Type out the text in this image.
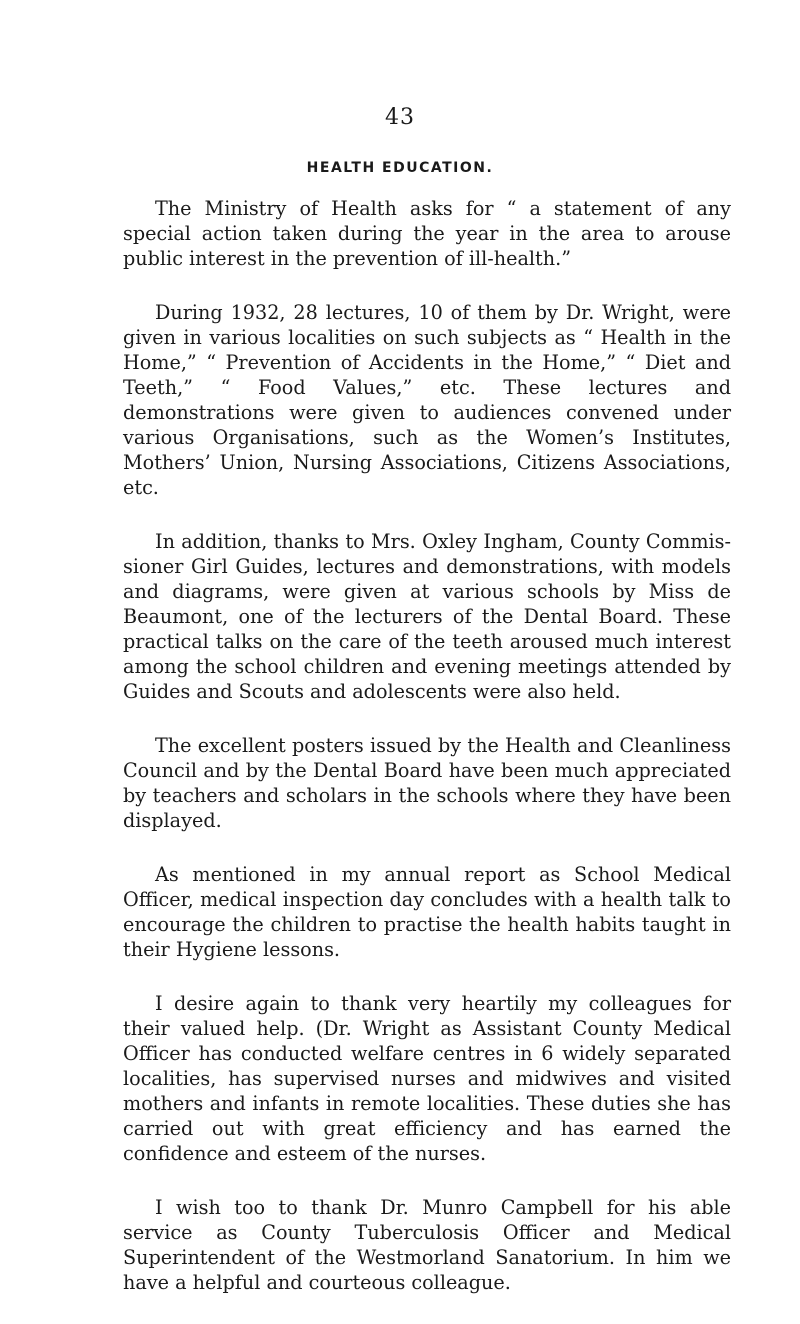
43
HEALTH EDUCATION.

The Ministry of Health asks for “ a statement of any special action taken during the year in the area to arouse public interest in the prevention of ill-health.”

During 1932, 28 lectures, 10 of them by Dr. Wright, were given in various localities on such subjects as “ Health in the Home,” “ Prevention of Accidents in the Home,” “ Diet and Teeth,” “ Food Values,” etc. These lectures and demonstrations were given to audiences convened under various Organisations, such as the Women’s Institutes, Mothers’ Union, Nursing Associations, Citizens Associations, etc.

In addition, thanks to Mrs. Oxley Ingham, County Commissioner Girl Guides, lectures and demonstrations, with models and diagrams, were given at various schools by Miss de Beaumont, one of the lecturers of the Dental Board. These practical talks on the care of the teeth aroused much interest among the school children and evening meetings attended by Guides and Scouts and adolescents were also held.

The excellent posters issued by the Health and Cleanliness Council and by the Dental Board have been much appreciated by teachers and scholars in the schools where they have been displayed.

As mentioned in my annual report as School Medical Officer, medical inspection day concludes with a health talk to encourage the children to practise the health habits taught in their Hygiene lessons.

I desire again to thank very heartily my colleagues for their valued help. (Dr. Wright as Assistant County Medical Officer has conducted welfare centres in 6 widely separated localities, has supervised nurses and midwives and visited mothers and infants in remote localities. These duties she has carried out with great efficiency and has earned the confidence and esteem of the nurses.

I wish too to thank Dr. Munro Campbell for his able service as County Tuberculosis Officer and Medical Superintendent of the Westmorland Sanatorium. In him we have a helpful and courteous colleague.
